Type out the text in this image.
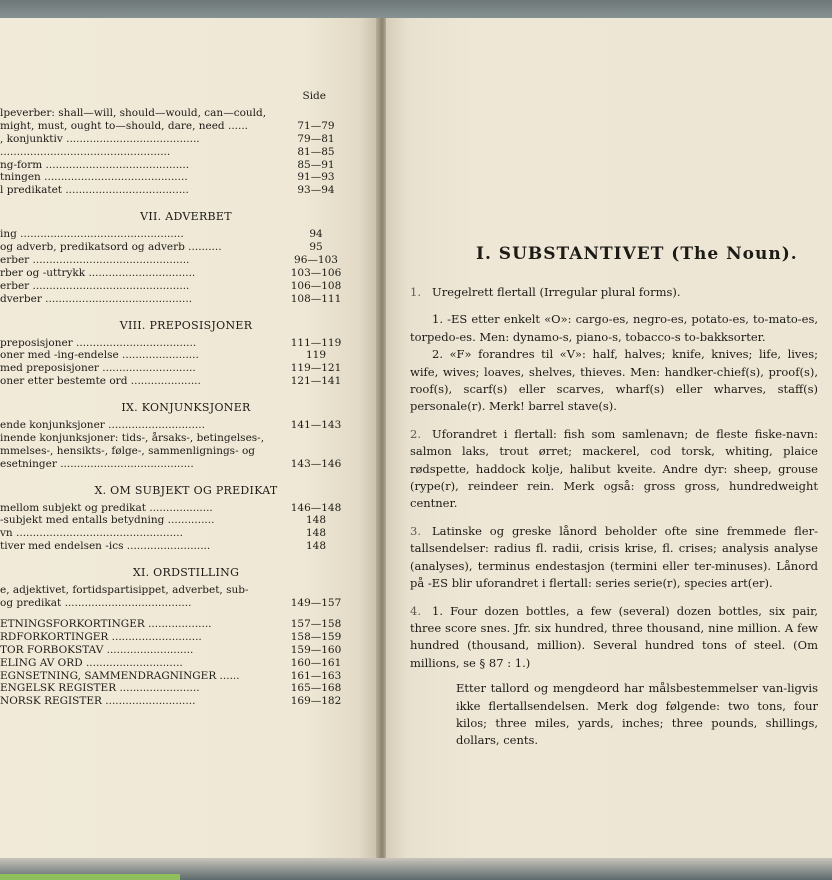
Side
lpeverber: shall—will, should—would, can—could,
might, must, ought to—should, dare, need ......	71—79
, konjunktiv ........................................	79—81
...................................................	81—85
ng-form ...........................................	85—91
tningen ...........................................	91—93
l predikatet .....................................	93—94
VII. ADVERBET
ing .................................................	94
og adverb, predikatsord og adverb ..........	95
erber ...............................................	96—103
rber og -uttrykk ................................	103—106
erber ...............................................	106—108
dverber ............................................	108—111
VIII. PREPOSISJONER
preposisjoner ....................................	111—119
oner med -ing-endelse .......................	119
med preposisjoner ............................	119—121
oner etter bestemte ord .....................	121—141
IX. KONJUNKSJONER
ende konjunksjoner .............................	141—143
inende konjunksjoner: tids-, årsaks-, betingelses-,
mmelses-, hensikts-, følge-, sammenlignings- og
esetninger ........................................	143—146
X. OM SUBJEKT OG PREDIKAT
mellom subjekt og predikat ...................	146—148
-subjekt med entalls betydning ..............	148
vn ..................................................	148
tiver med endelsen -ics .........................	148
XI. ORDSTILLING
e, adjektivet, fortidspartisippet, adverbet, sub-
og predikat ......................................	149—157
ETNINGSFORKORTINGER ...................	157—158
RDFORKORTINGER ...........................	158—159
TOR FORBOKSTAV ..........................	159—160
ELING AV ORD .............................	160—161
EGNSETNING, SAMMENDRAGNINGER ......	161—163
ENGELSK REGISTER ........................	165—168
NORSK REGISTER ...........................	169—182
I. SUBSTANTIVET (The Noun).

1. Uregelrett flertall (Irregular plural forms).

1. -ES etter enkelt «O»: cargo-es, negro-es, potato-es, to-mato-es, torpedo-es. Men: dynamo-s, piano-s, tobacco-s to-bakksorter.

2. «F» forandres til «V»: half, halves; knife, knives; life, lives; wife, wives; loaves, shelves, thieves. Men: handker-chief(s), proof(s), roof(s), scarf(s) eller scarves, wharf(s) eller wharves, staff(s) personale(r). Merk! barrel stave(s).

2. Uforandret i flertall: fish som samlenavn; de fleste fiske-navn: salmon laks, trout ørret; mackerel, cod torsk, whiting, plaice rødspette, haddock kolje, halibut kveite. Andre dyr: sheep, grouse (rype(r), reindeer rein. Merk også: gross gross, hundredweight centner.

3. Latinske og greske lånord beholder ofte sine fremmede fler-tallsendelser: radius fl. radii, crisis krise, fl. crises; analysis analyse (analyses), terminus endestasjon (termini eller ter-minuses). Lånord på -ES blir uforandret i flertall: series serie(r), species art(er).

4. 1. Four dozen bottles, a few (several) dozen bottles, six pair, three score snes. Jfr. six hundred, three thousand, nine million. A few hundred (thousand, million). Several hundred tons of steel. (Om millions, se § 87 : 1.)

Etter tallord og mengdeord har målsbestemmelser van-ligvis ikke flertallsendelsen. Merk dog følgende: two tons, four kilos; three miles, yards, inches; three pounds, shillings, dollars, cents.
